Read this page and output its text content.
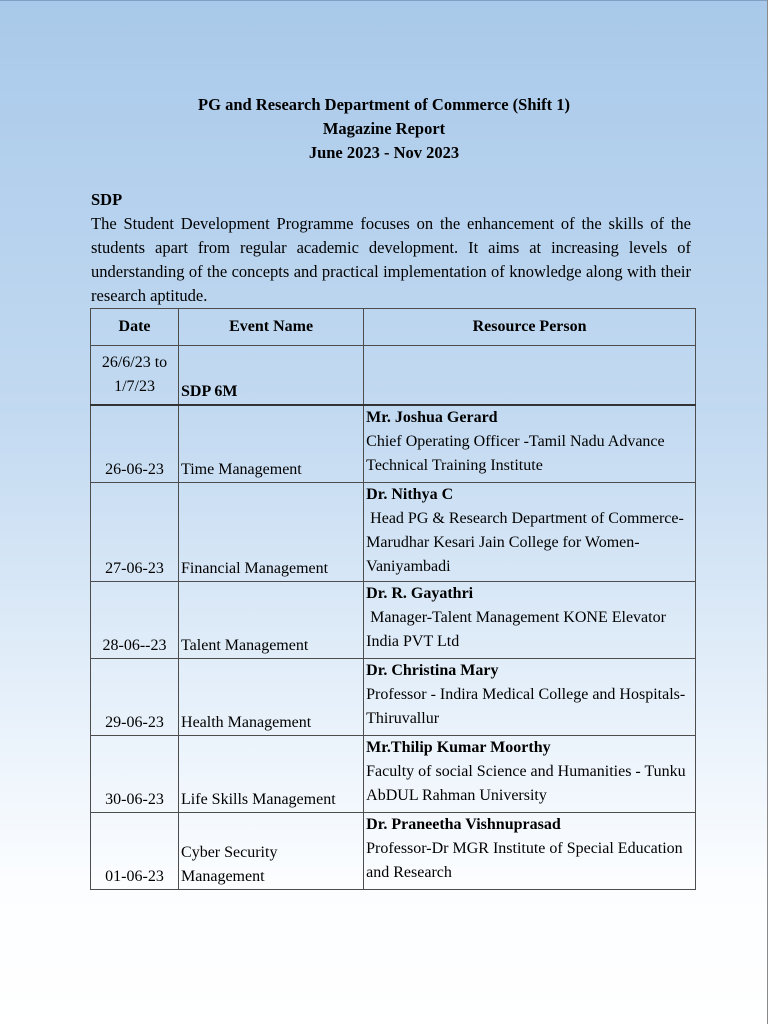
PG and Research Department of Commerce (Shift 1)
Magazine Report
June 2023 - Nov 2023
SDP
The Student Development Programme focuses on the enhancement of the skills of the students apart from regular academic development. It aims at increasing levels of understanding of the concepts and practical implementation of knowledge along with their research aptitude.
Date	Event Name	Resource Person

26/6/23 to
1/7/23	SDP 6M	
26-06-23	Time Management	Mr. Joshua Gerard
Chief Operating Officer -Tamil Nadu Advance Technical Training Institute

27-06-23	Financial Management	Dr. Nithya C
Head PG & Research Department of Commerce-Marudhar Kesari Jain College for Women-Vaniyambadi

28-06--23	Talent Management	Dr. R. Gayathri
Manager-Talent Management KONE Elevator India PVT Ltd

29-06-23	Health Management	Dr. Christina Mary
Professor - Indira Medical College and Hospitals-Thiruvallur

30-06-23	Life Skills Management	Mr.Thilip Kumar Moorthy
Faculty of social Science and Humanities - Tunku AbDUL Rahman University

01-06-23	Cyber Security Management	Dr. Praneetha Vishnuprasad
Professor-Dr MGR Institute of Special Education and Research
